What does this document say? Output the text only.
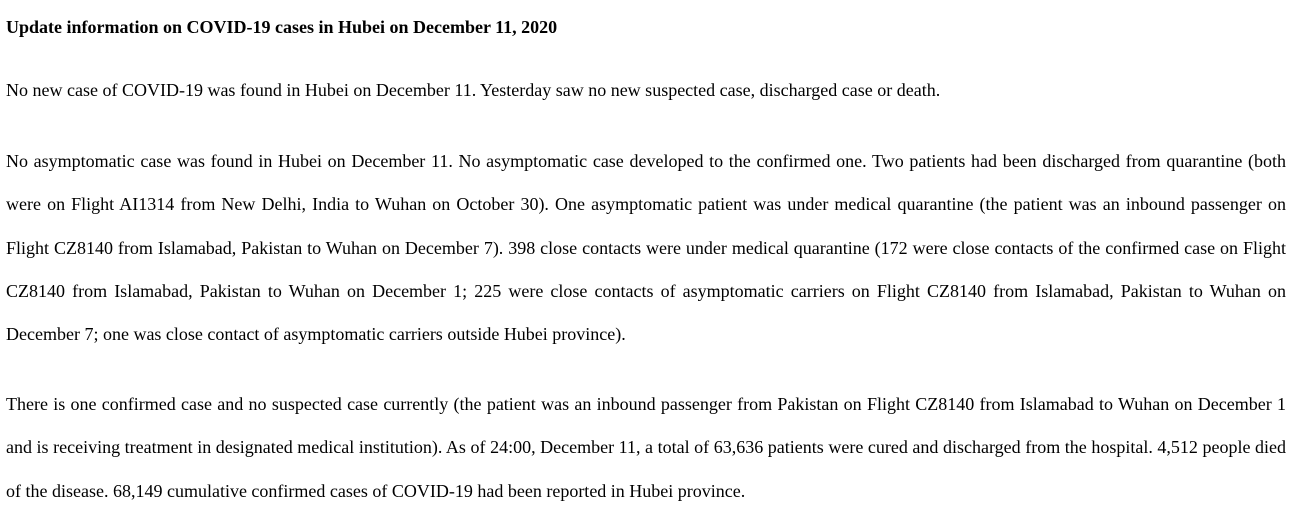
Update information on COVID-19 cases in Hubei on December 11, 2020

No new case of COVID-19 was found in Hubei on December 11. Yesterday saw no new suspected case, discharged case or death.

No asymptomatic case was found in Hubei on December 11. No asymptomatic case developed to the confirmed one. Two patients had been discharged from quarantine (both were on Flight AI1314 from New Delhi, India to Wuhan on October 30). One asymptomatic patient was under medical quarantine (the patient was an inbound passenger on Flight CZ8140 from Islamabad, Pakistan to Wuhan on December 7). 398 close contacts were under medical quarantine (172 were close contacts of the confirmed case on Flight CZ8140 from Islamabad, Pakistan to Wuhan on December 1; 225 were close contacts of asymptomatic carriers on Flight CZ8140 from Islamabad, Pakistan to Wuhan on December 7; one was close contact of asymptomatic carriers outside Hubei province).

There is one confirmed case and no suspected case currently (the patient was an inbound passenger from Pakistan on Flight CZ8140 from Islamabad to Wuhan on December 1 and is receiving treatment in designated medical institution). As of 24:00, December 11, a total of 63,636 patients were cured and discharged from the hospital. 4,512 people died of the disease. 68,149 cumulative confirmed cases of COVID-19 had been reported in Hubei province.
